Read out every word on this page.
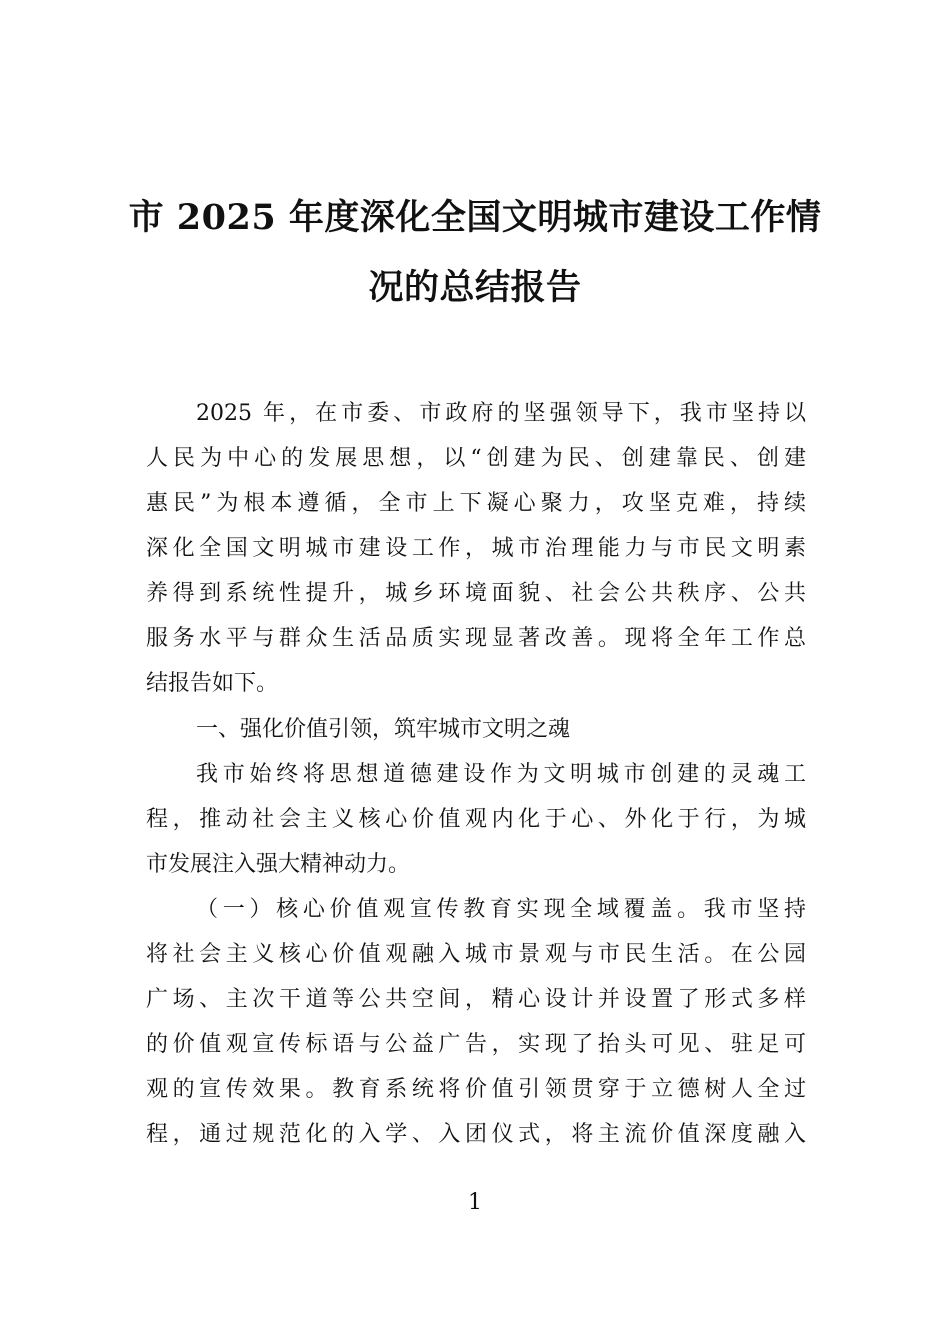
市 2025 年度深化全国文明城市建设工作情
况的总结报告
2025 年，在市委、市政府的坚强领导下，我市坚持以
人民为中心的发展思想，以“创建为民、创建靠民、创建
惠民”为根本遵循，全市上下凝心聚力，攻坚克难，持续
深化全国文明城市建设工作，城市治理能力与市民文明素
养得到系统性提升，城乡环境面貌、社会公共秩序、公共
服务水平与群众生活品质实现显著改善。现将全年工作总
结报告如下。
一、强化价值引领，筑牢城市文明之魂
我市始终将思想道德建设作为文明城市创建的灵魂工
程，推动社会主义核心价值观内化于心、外化于行，为城
市发展注入强大精神动力。
（一）核心价值观宣传教育实现全域覆盖。我市坚持
将社会主义核心价值观融入城市景观与市民生活。在公园
广场、主次干道等公共空间，精心设计并设置了形式多样
的价值观宣传标语与公益广告，实现了抬头可见、驻足可
观的宣传效果。教育系统将价值引领贯穿于立德树人全过
程，通过规范化的入学、入团仪式，将主流价值深度融入
1
